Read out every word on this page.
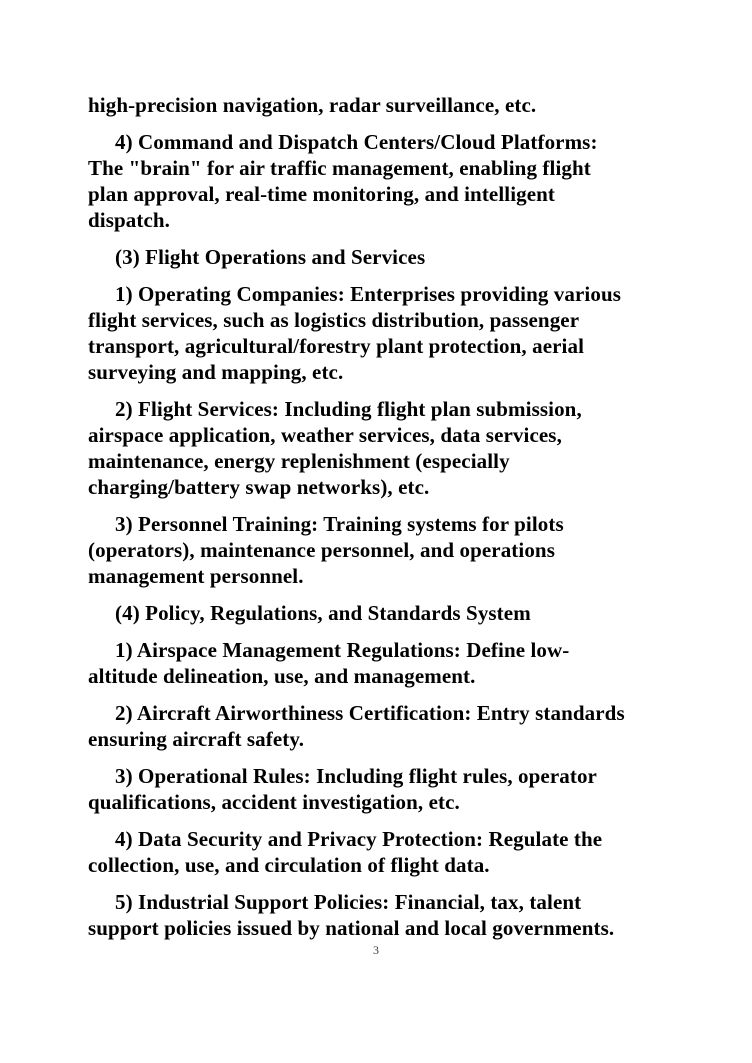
high-precision navigation, radar surveillance, etc.
4) Command and Dispatch Centers/Cloud Platforms:
The "brain" for air traffic management, enabling flight
plan approval, real-time monitoring, and intelligent
dispatch.
(3) Flight Operations and Services
1) Operating Companies: Enterprises providing various
flight services, such as logistics distribution, passenger
transport, agricultural/forestry plant protection, aerial
surveying and mapping, etc.
2) Flight Services: Including flight plan submission,
airspace application, weather services, data services,
maintenance, energy replenishment (especially
charging/battery swap networks), etc.
3) Personnel Training: Training systems for pilots
(operators), maintenance personnel, and operations
management personnel.
(4) Policy, Regulations, and Standards System
1) Airspace Management Regulations: Define low-
altitude delineation, use, and management.
2) Aircraft Airworthiness Certification: Entry standards
ensuring aircraft safety.
3) Operational Rules: Including flight rules, operator
qualifications, accident investigation, etc.
4) Data Security and Privacy Protection: Regulate the
collection, use, and circulation of flight data.
5) Industrial Support Policies: Financial, tax, talent
support policies issued by national and local governments.
3
